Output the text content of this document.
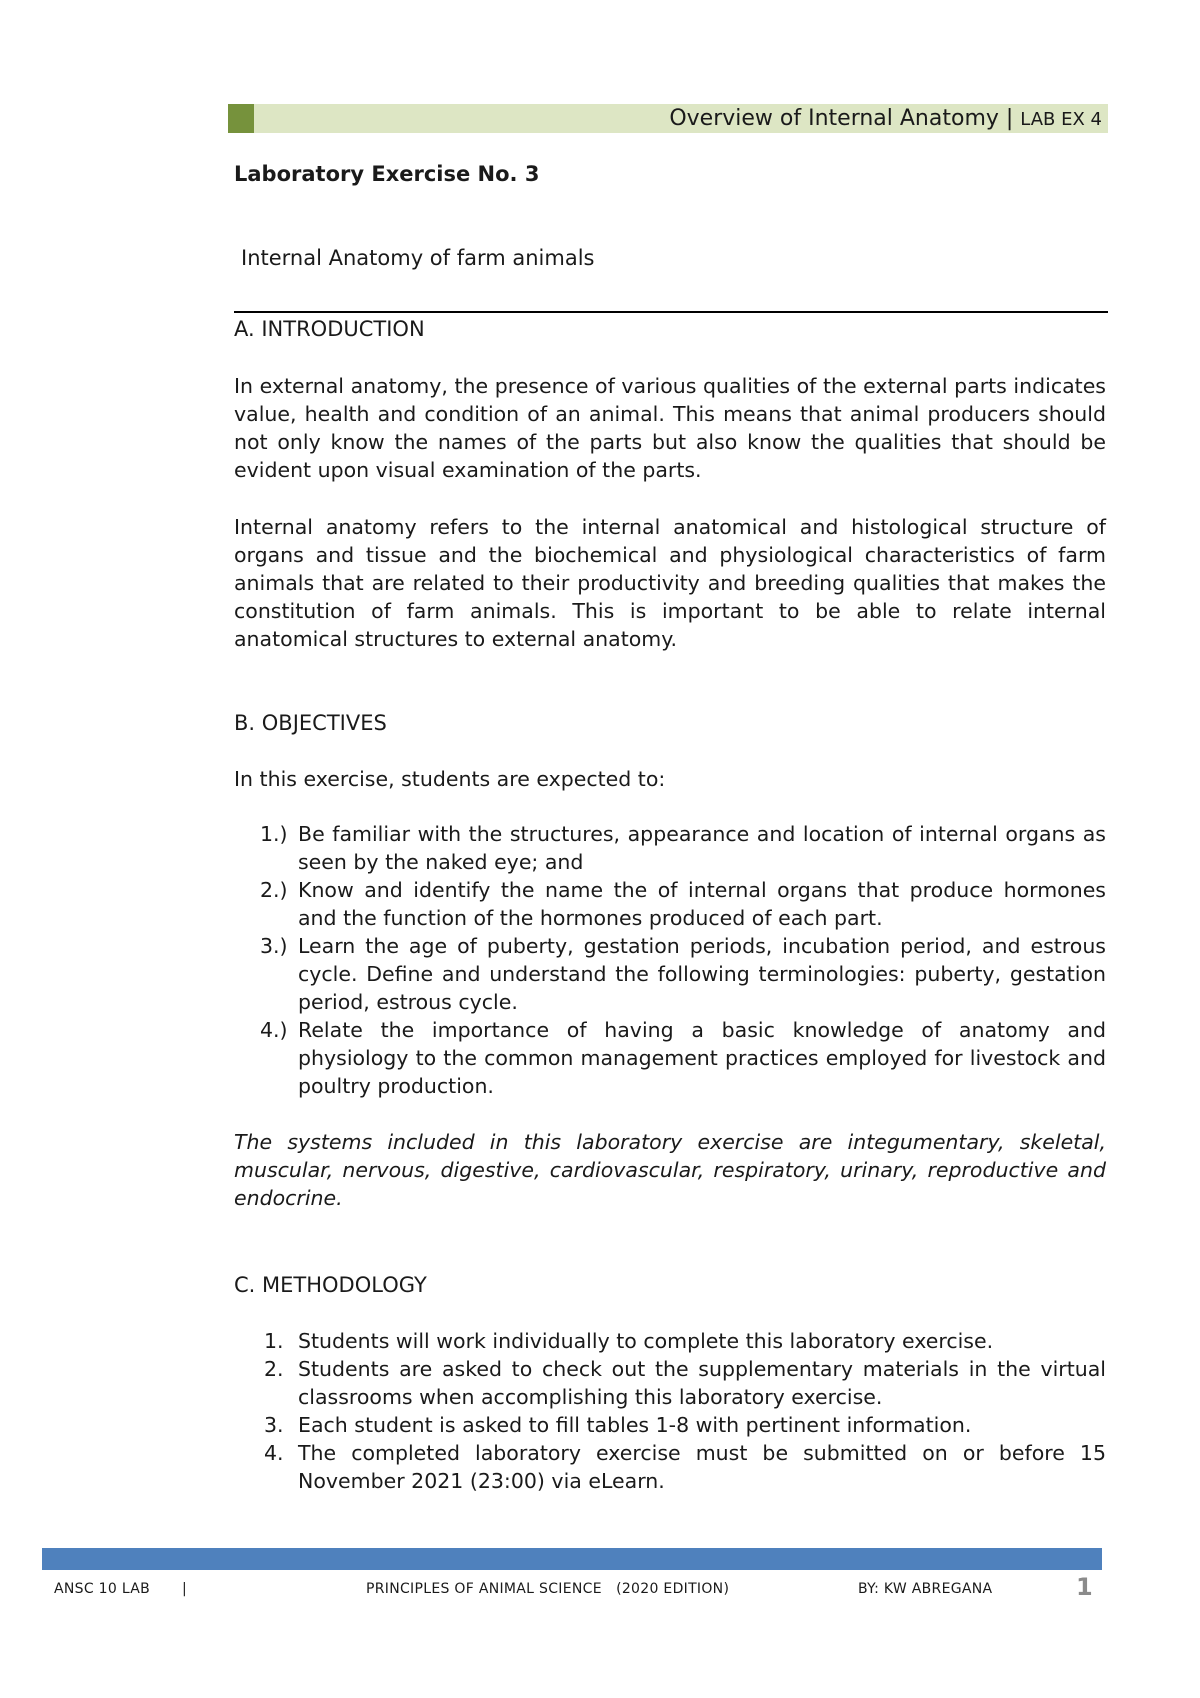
Overview of Internal Anatomy | LAB EX 4
Laboratory Exercise No. 3
Internal Anatomy of farm animals
A. INTRODUCTION

In external anatomy, the presence of various qualities of the external parts indicates value, health and condition of an animal. This means that animal producers should not only know the names of the parts but also know the qualities that should be evident upon visual examination of the parts.

Internal anatomy refers to the internal anatomical and histological structure of organs and tissue and the biochemical and physiological characteristics of farm animals that are related to their productivity and breeding qualities that makes the constitution of farm animals. This is important to be able to relate internal anatomical structures to external anatomy.

B. OBJECTIVES
In this exercise, students are expected to:
1.) Be familiar with the structures, appearance and location of internal organs as seen by the naked eye; and
2.) Know and identify the name the of internal organs that produce hormones and the function of the hormones produced of each part.
3.) Learn the age of puberty, gestation periods, incubation period, and estrous cycle. Define and understand the following terminologies: puberty, gestation period, estrous cycle.
4.) Relate the importance of having a basic knowledge of anatomy and physiology to the common management practices employed for livestock and poultry production.

The systems included in this laboratory exercise are integumentary, skeletal, muscular, nervous, digestive, cardiovascular, respiratory, urinary, reproductive and endocrine.

C. METHODOLOGY
1. Students will work individually to complete this laboratory exercise.
2. Students are asked to check out the supplementary materials in the virtual classrooms when accomplishing this laboratory exercise.
3. Each student is asked to fill tables 1-8 with pertinent information.
4. The completed laboratory exercise must be submitted on or before 15 November 2021 (23:00) via eLearn.
ANSC 10 LAB |	PRINCIPLES OF ANIMAL SCIENCE   (2020 EDITION)	BY: KW ABREGANA	1
